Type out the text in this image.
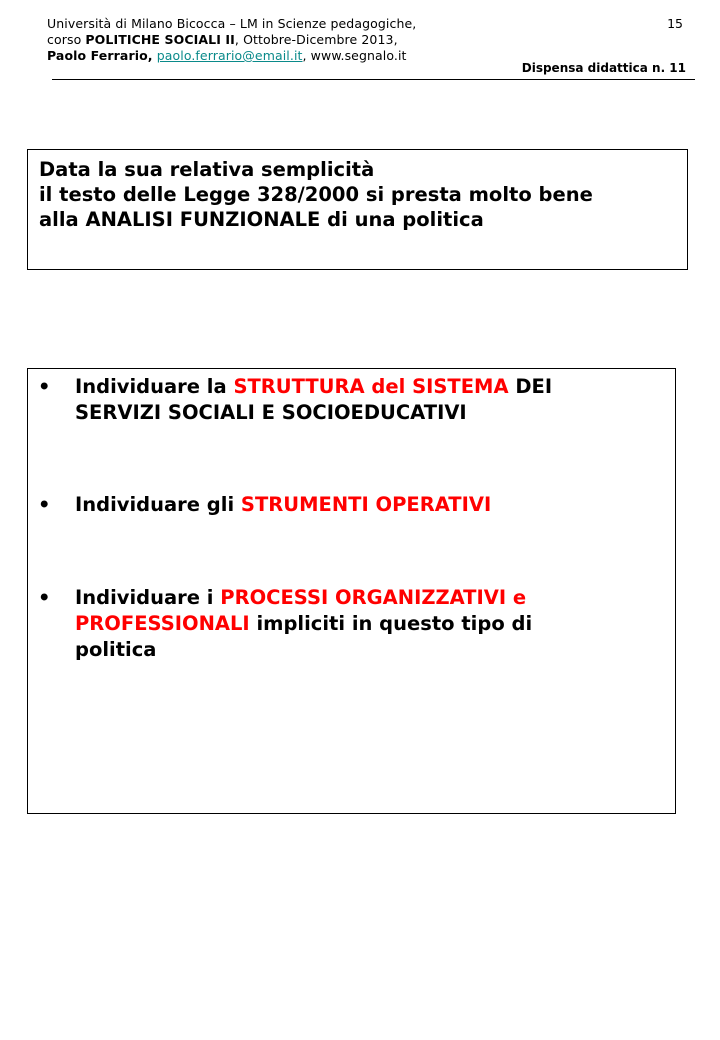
Università di Milano Bicocca – LM in Scienze pedagogiche,
corso POLITICHE SOCIALI II, Ottobre-Dicembre 2013,
Paolo Ferrario, paolo.ferrario@email.it, www.segnalo.it
15
Dispensa didattica n. 11
Data la sua relativa semplicità
il testo delle Legge 328/2000 si presta molto bene
alla ANALISI FUNZIONALE di una politica
•	Individuare la STRUTTURA del SISTEMA DEI
SERVIZI SOCIALI E SOCIOEDUCATIVI
•	Individuare gli STRUMENTI OPERATIVI
•	Individuare i PROCESSI ORGANIZZATIVI e
PROFESSIONALI impliciti in questo tipo di
politica
